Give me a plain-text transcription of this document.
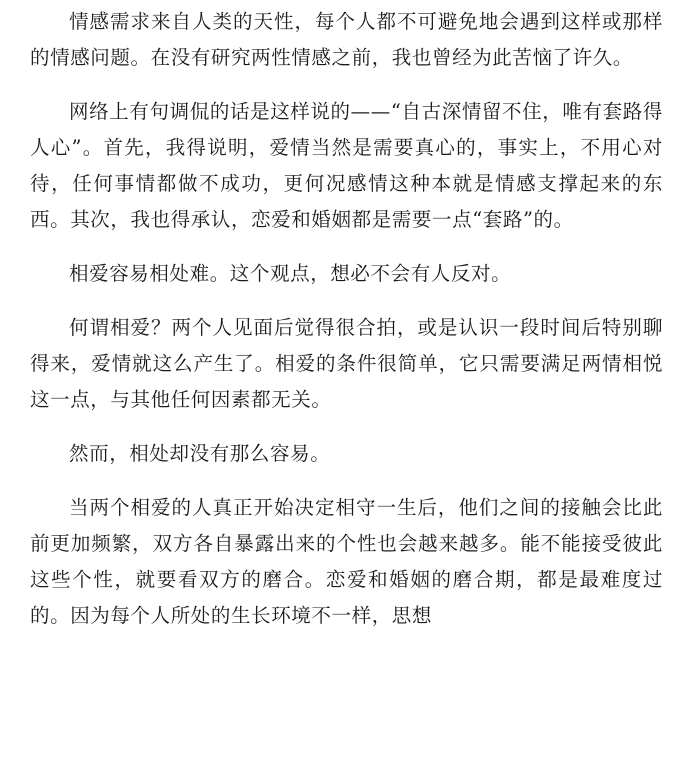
情感需求来自人类的天性，每个人都不可避免地会遇到这样或那样的情感问题。在没有研究两性情感之前，我也曾经为此苦恼了许久。

网络上有句调侃的话是这样说的——“自古深情留不住，唯有套路得人心”。首先，我得说明，爱情当然是需要真心的，事实上，不用心对待，任何事情都做不成功，更何况感情这种本就是情感支撑起来的东西。其次，我也得承认，恋爱和婚姻都是需要一点“套路”的。

相爱容易相处难。这个观点，想必不会有人反对。

何谓相爱？两个人见面后觉得很合拍，或是认识一段时间后特别聊得来，爱情就这么产生了。相爱的条件很简单，它只需要满足两情相悦这一点，与其他任何因素都无关。

然而，相处却没有那么容易。

当两个相爱的人真正开始决定相守一生后，他们之间的接触会比此前更加频繁，双方各自暴露出来的个性也会越来越多。能不能接受彼此这些个性，就要看双方的磨合。恋爱和婚姻的磨合期，都是最难度过的。因为每个人所处的生长环境不一样，思想
